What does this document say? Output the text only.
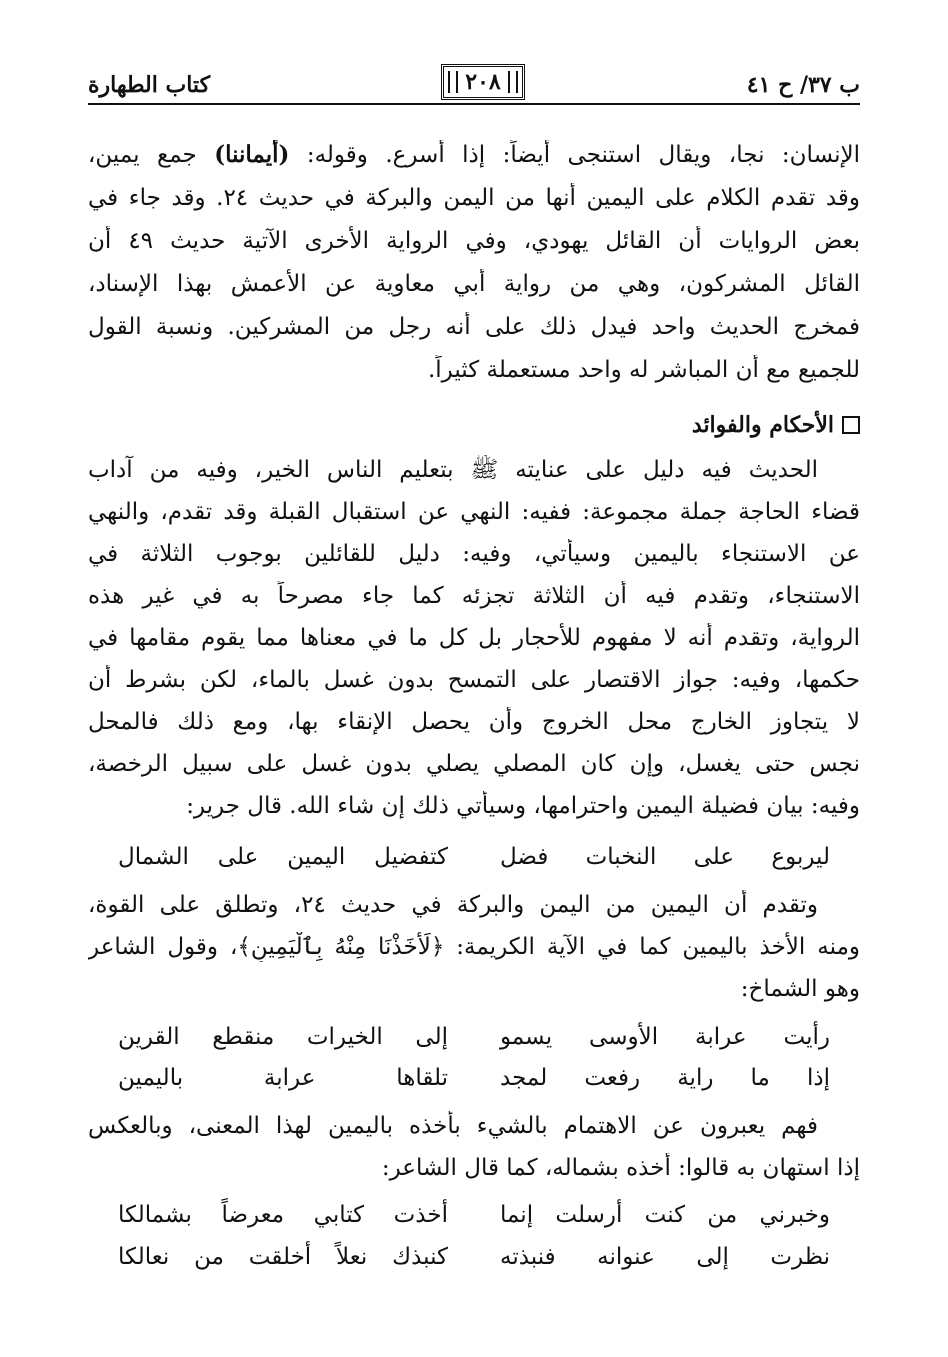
ب ٣٧/ ح ٤١
٢٠٨
كتاب الطهارة
الإنسان: نجا، ويقال استنجى أيضاً: إذا أسرع. وقوله: (أيماننا) جمع يمين،
وقد تقدم الكلام على اليمين أنها من اليمن والبركة في حديث ٢٤. وقد جاء في
بعض الروايات أن القائل يهودي، وفي الرواية الأخرى الآتية حديث ٤٩ أن
القائل المشركون، وهي من رواية أبي معاوية عن الأعمش بهذا الإسناد،
فمخرج الحديث واحد فيدل ذلك على أنه رجل من المشركين. ونسبة القول
للجميع مع أن المباشر له واحد مستعملة كثيراً.
الأحكام والفوائد
الحديث فيه دليل على عنايته ﷺ بتعليم الناس الخير، وفيه من آداب
قضاء الحاجة جملة مجموعة: ففيه: النهي عن استقبال القبلة وقد تقدم، والنهي
عن الاستنجاء باليمين وسيأتي، وفيه: دليل للقائلين بوجوب الثلاثة في
الاستنجاء، وتقدم فيه أن الثلاثة تجزئه كما جاء مصرحاً به في غير هذه
الرواية، وتقدم أنه لا مفهوم للأحجار بل كل ما في معناها مما يقوم مقامها في
حكمها، وفيه: جواز الاقتصار على التمسح بدون غسل بالماء، لكن بشرط أن
لا يتجاوز الخارج محل الخروج وأن يحصل الإنقاء بها، ومع ذلك فالمحل
نجس حتى يغسل، وإن كان المصلي يصلي بدون غسل على سبيل الرخصة،
وفيه: بيان فضيلة اليمين واحترامها، وسيأتي ذلك إن شاء الله. قال جرير:
ليربوع على النخبات فضل
كتفضيل اليمين على الشمال
وتقدم أن اليمين من اليمن والبركة في حديث ٢٤، وتطلق على القوة،
ومنه الأخذ باليمين كما في الآية الكريمة: ﴿لَأَخَذْنَا مِنْهُ بِٱلْيَمِينِ﴾، وقول الشاعر
وهو الشماخ:
رأيت عرابة الأوسى يسمو
إلى الخيرات منقطع القرين
إذا ما راية رفعت لمجد
تلقاها عرابة باليمين
فهم يعبرون عن الاهتمام بالشيء بأخذه باليمين لهذا المعنى، وبالعكس
إذا استهان به قالوا: أخذه بشماله، كما قال الشاعر:
وخبرني من كنت أرسلت إنما
أخذت كتابي معرضاً بشمالكا
نظرت إلى عنوانه فنبذته
كنبذك نعلاً أخلقت من نعالكا
